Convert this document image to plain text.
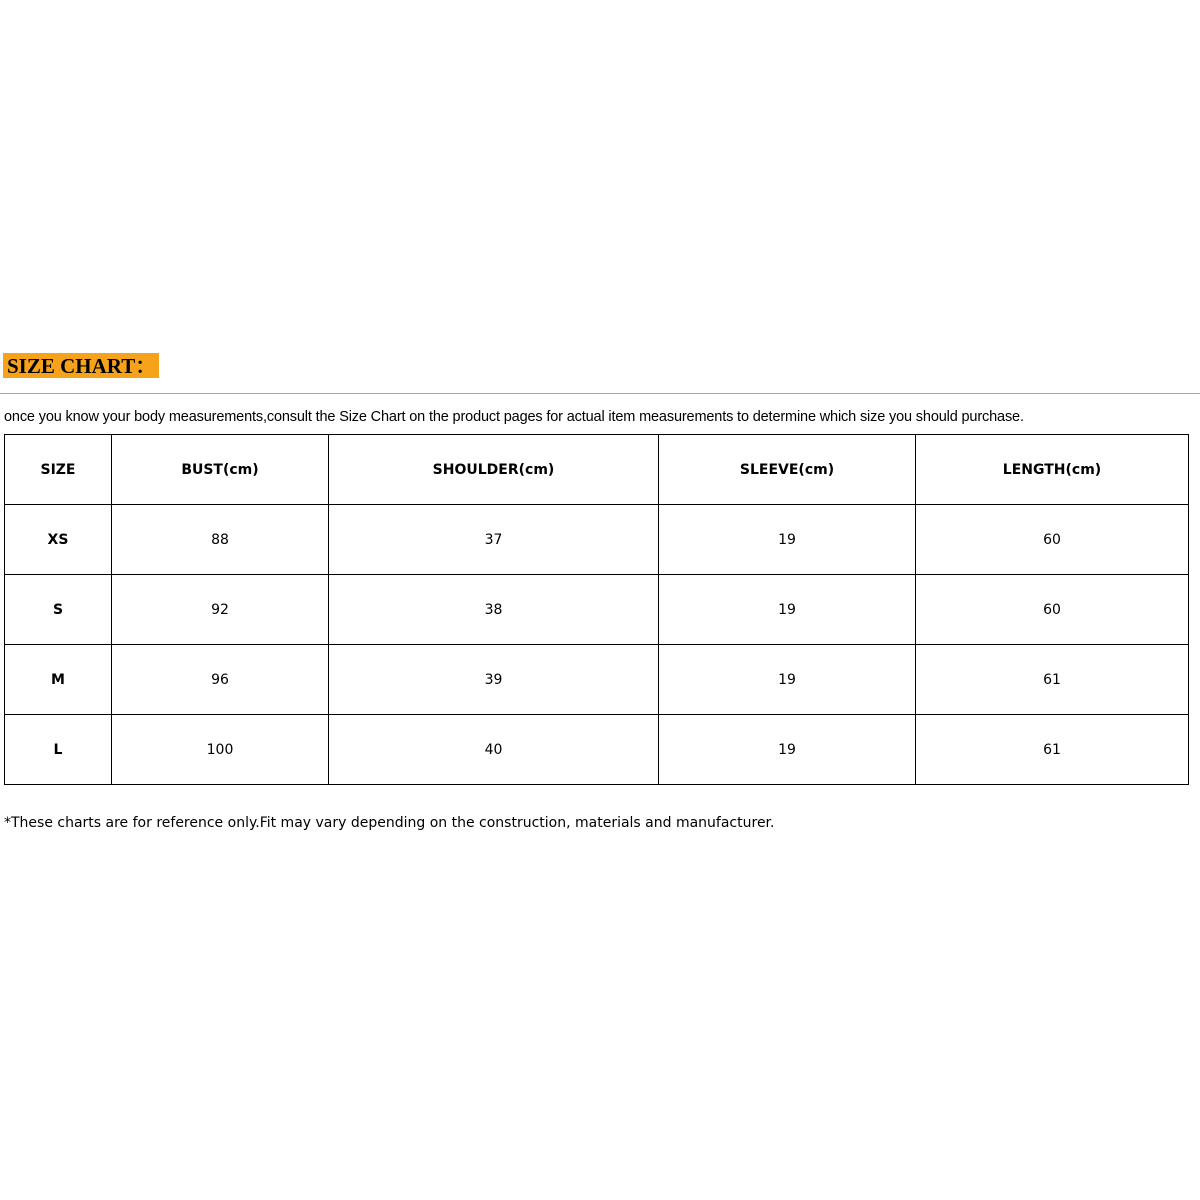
SIZE CHART：
once you know your body measurements,consult the Size Chart on the product pages for actual item measurements to determine which size you should purchase.
SIZE	BUST(cm)	SHOULDER(cm)	SLEEVE(cm)	LENGTH(cm)
XS	88	37	19	60
S	92	38	19	60
M	96	39	19	61
L	100	40	19	61
*These charts are for reference only.Fit may vary depending on the construction, materials and manufacturer.
